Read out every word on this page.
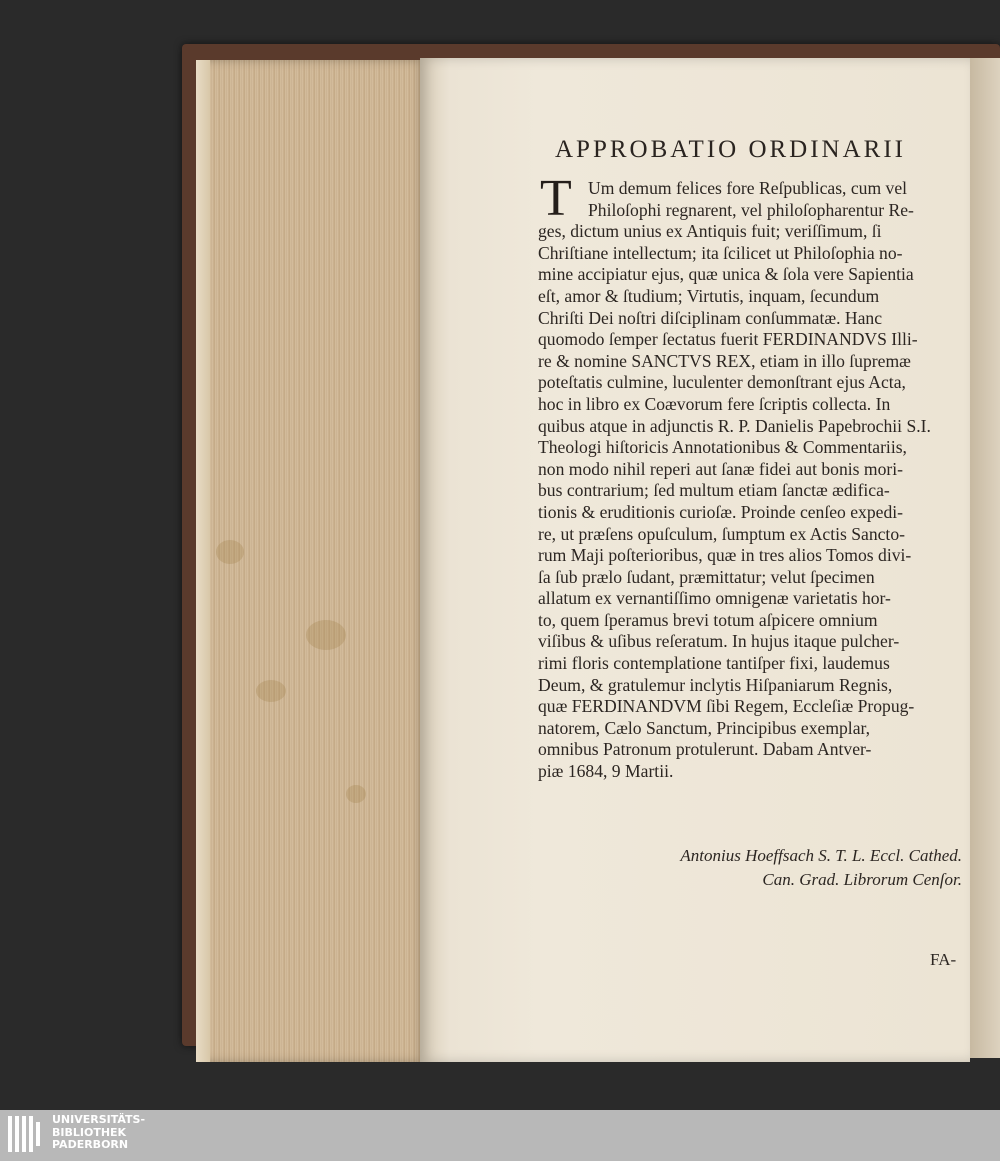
APPROBATIO ORDINARII
T Um demum felices fore Reſpublicas, cum vel
Philoſophi regnarent, vel philoſopharentur Re-
ges, dictum unius ex Antiquis fuit; veriſſimum, ſi
Chriſtiane intellectum; ita ſcilicet ut Philoſophia no-
mine accipiatur ejus, quæ unica & ſola vere Sapientia
eſt, amor & ſtudium; Virtutis, inquam, ſecundum
Chriſti Dei noſtri diſciplinam conſummatæ. Hanc
quomodo ſemper ſectatus fuerit FERDINANDVS Illi-
re & nomine SANCTVS REX, etiam in illo ſupremæ
poteſtatis culmine, luculenter demonſtrant ejus Acta,
hoc in libro ex Coævorum fere ſcriptis collecta. In
quibus atque in adjunctis R. P. Danielis Papebrochii S.I.
Theologi hiſtoricis Annotationibus & Commentariis,
non modo nihil reperi aut ſanæ fidei aut bonis mori-
bus contrarium; ſed multum etiam ſanctæ ædifica-
tionis & eruditionis curioſæ. Proinde cenſeo expedi-
re, ut præſens opuſculum, ſumptum ex Actis Sancto-
rum Maji poſterioribus, quæ in tres alios Tomos divi-
ſa ſub prælo ſudant, præmittatur; velut ſpecimen
allatum ex vernantiſſimo omnigenæ varietatis hor-
to, quem ſperamus brevi totum aſpicere omnium
viſibus & uſibus reſeratum. In hujus itaque pulcher-
rimi floris contemplatione tantiſper fixi, laudemus
Deum, & gratulemur inclytis Hiſpaniarum Regnis,
quæ FERDINANDVM ſibi Regem, Eccleſiæ Propug-
natorem, Cælo Sanctum, Principibus exemplar,
omnibus Patronum protulerunt. Dabam Antver-
piæ 1684, 9 Martii.
Antonius Hoeffsach S. T. L. Eccl. Cathed.
Can. Grad. Librorum Cenſor.
FA-
UNIVERSITÄTS-
BIBLIOTHEK
PADERBORN
